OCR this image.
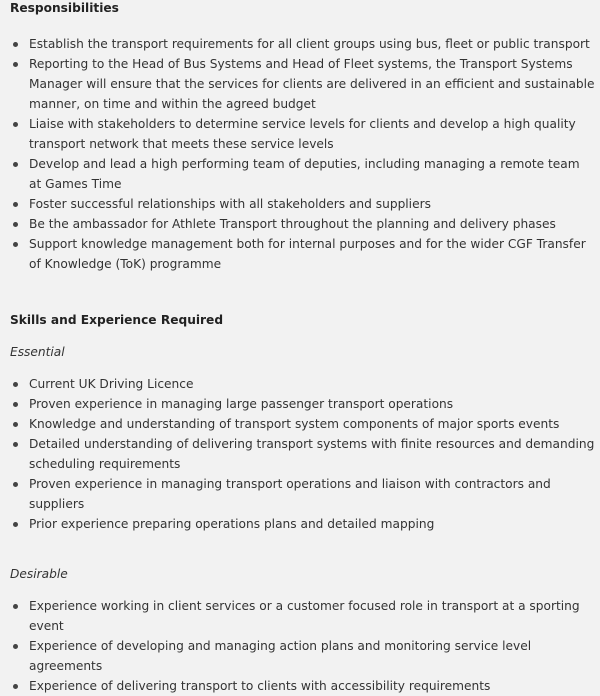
Responsibilities
Establish the transport requirements for all client groups using bus, fleet or public transport
Reporting to the Head of Bus Systems and Head of Fleet systems, the Transport Systems Manager will ensure that the services for clients are delivered in an efficient and sustainable manner, on time and within the agreed budget
Liaise with stakeholders to determine service levels for clients and develop a high quality transport network that meets these service levels
Develop and lead a high performing team of deputies, including managing a remote team at Games Time
Foster successful relationships with all stakeholders and suppliers
Be the ambassador for Athlete Transport throughout the planning and delivery phases
Support knowledge management both for internal purposes and for the wider CGF Transfer of Knowledge (ToK) programme
Skills and Experience Required

Essential

Current UK Driving Licence
Proven experience in managing large passenger transport operations
Knowledge and understanding of transport system components of major sports events
Detailed understanding of delivering transport systems with finite resources and demanding scheduling requirements
Proven experience in managing transport operations and liaison with contractors and suppliers
Prior experience preparing operations plans and detailed mapping

Desirable

Experience working in client services or a customer focused role in transport at a sporting event
Experience of developing and managing action plans and monitoring service level agreements
Experience of delivering transport to clients with accessibility requirements
